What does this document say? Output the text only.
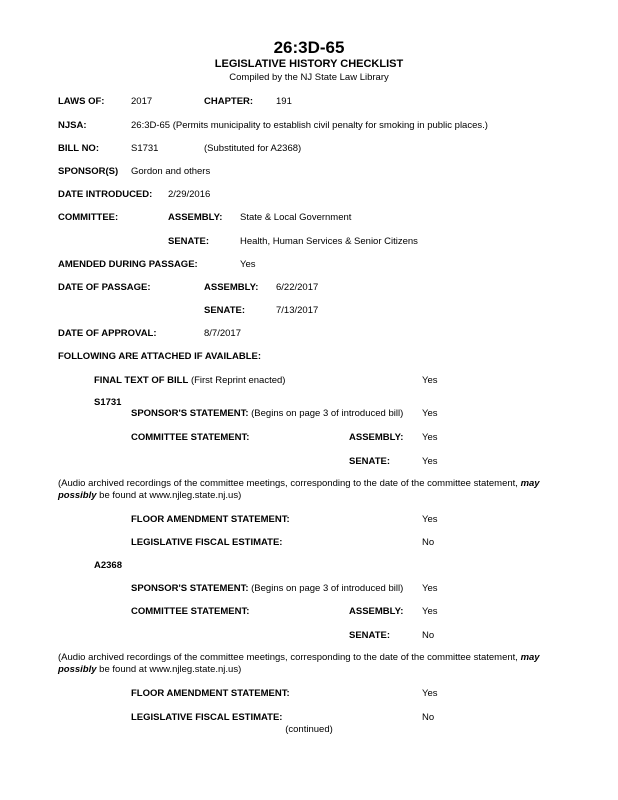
26:3D-65
LEGISLATIVE HISTORY CHECKLIST
Compiled by the NJ State Law Library
LAWS OF:	2017	CHAPTER: 191
NJSA:	26:3D-65 (Permits municipality to establish civil penalty for smoking in public places.)
BILL NO:	S1731	(Substituted for A2368)
SPONSOR(S) Gordon and others
DATE INTRODUCED: 2/29/2016
COMMITTEE:	ASSEMBLY: State & Local Government
SENATE:	Health, Human Services & Senior Citizens
AMENDED DURING PASSAGE:	Yes
DATE OF PASSAGE:	ASSEMBLY: 6/22/2017
SENATE:	7/13/2017
DATE OF APPROVAL:	8/7/2017
FOLLOWING ARE ATTACHED IF AVAILABLE:
FINAL TEXT OF BILL (First Reprint enacted)	Yes
S1731
SPONSOR'S STATEMENT: (Begins on page 3 of introduced bill) Yes
COMMITTEE STATEMENT:	ASSEMBLY: Yes
SENATE:	Yes
(Audio archived recordings of the committee meetings, corresponding to the date of the committee statement, may possibly be found at www.njleg.state.nj.us)
FLOOR AMENDMENT STATEMENT:	Yes
LEGISLATIVE FISCAL ESTIMATE:	No
A2368
SPONSOR'S STATEMENT: (Begins on page 3 of introduced bill) Yes
COMMITTEE STATEMENT:	ASSEMBLY: Yes
SENATE:	No
(Audio archived recordings of the committee meetings, corresponding to the date of the committee statement, may possibly be found at www.njleg.state.nj.us)
FLOOR AMENDMENT STATEMENT:	Yes
LEGISLATIVE FISCAL ESTIMATE:	No
(continued)
